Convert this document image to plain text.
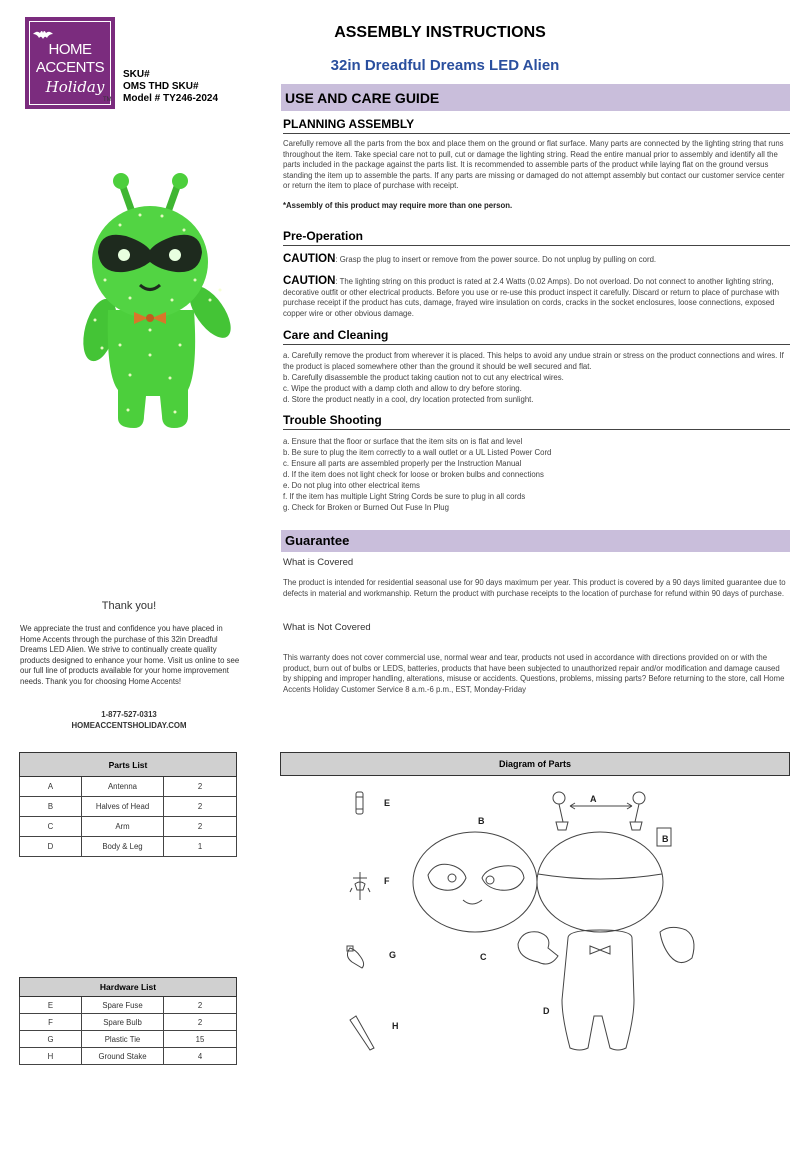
HOME
ACCENTS
Holiday
TM
SKU#
OMS THD SKU#
Model # TY246-2024
ASSEMBLY INSTRUCTIONS
32in Dreadful Dreams LED Alien
USE AND CARE GUIDE
PLANNING ASSEMBLY
Carefully remove all the parts from the box and place them on the ground or flat surface. Many parts are connected by the lighting string that runs throughout the item. Take special care not to pull, cut or damage the lighting string. Read the entire manual prior to assembly and identify all the parts included in the package against the parts list. It is recommended to assemble parts of the product while laying flat on the ground versus standing the item up to assemble the parts. If any parts are missing or damaged do not attempt assembly but contact our customer service center or return the item to place of purchase with receipt.
*Assembly of this product may require more than one person.
Pre-Operation
CAUTION: Grasp the plug to insert or remove from the power source. Do not unplug by pulling on cord.
CAUTION: The lighting string on this product is rated at 2.4 Watts (0.02 Amps). Do not overload. Do not connect to another lighting string, decorative outfit or other electrical products. Before you use or re-use this product inspect it carefully. Discard or return to place of purchase with purchase receipt if the product has cuts, damage, frayed wire insulation on cords, cracks in the socket enclosures, loose connections, exposed copper wire or other obvious damage.
Care and Cleaning
a. Carefully remove the product from wherever it is placed. This helps to avoid any undue strain or stress on the product connections and wires. If the product is placed somewhere other than the ground it should be well secured and flat.
b. Carefully disassemble the product taking caution not to cut any electrical wires.
c. Wipe the product with a damp cloth and allow to dry before storing.
d. Store the product neatly in a cool, dry location protected from sunlight.
Trouble Shooting
a. Ensure that the floor or surface that the item sits on is flat and level
b. Be sure to plug the item correctly to a wall outlet or a UL Listed Power Cord
c. Ensure all parts are assembled properly per the Instruction Manual
d. If the item does not light check for loose or broken bulbs and connections
e. Do not plug into other electrical items
f. If the item has multiple Light String Cords be sure to plug in all cords
g. Check for Broken or Burned Out Fuse In Plug
Guarantee
What is Covered
The product is intended for residential seasonal use for 90 days maximum per year. This product is covered by a 90 days limited guarantee due to defects in material and workmanship. Return the product with purchase receipts to the location of purchase for refund within 90 days of purchase.
What is Not Covered
This warranty does not cover commercial use, normal wear and tear, products not used in accordance with directions provided on or with the product, burn out of bulbs or LEDS, batteries, products that have been subjected to unauthorized repair and/or modification and damage caused by shipping and improper handling, alterations, misuse or accidents. Questions, problems, missing parts? Before returning to the store, call Home Accents Holiday Customer Service 8 a.m.-6 p.m., EST, Monday-Friday
Thank you!
We appreciate the trust and confidence you have placed in Home Accents through the purchase of this 32in Dreadful Dreams LED Alien. We strive to continually create quality products designed to enhance your home. Visit us online to see our full line of products available for your home improvement needs. Thank you for choosing Home Accents!
1-877-527-0313
HOMEACCENTSHOLIDAY.COM
Parts List		
A	Antenna	2
B	Halves of Head	2
C	Arm	2
D	Body & Leg	1
Hardware List		
E	Spare Fuse	2
F	Spare Bulb	2
G	Plastic Tie	15
H	Ground Stake	4
Diagram of Parts
E
F
G
H
B
A
B
C
D
